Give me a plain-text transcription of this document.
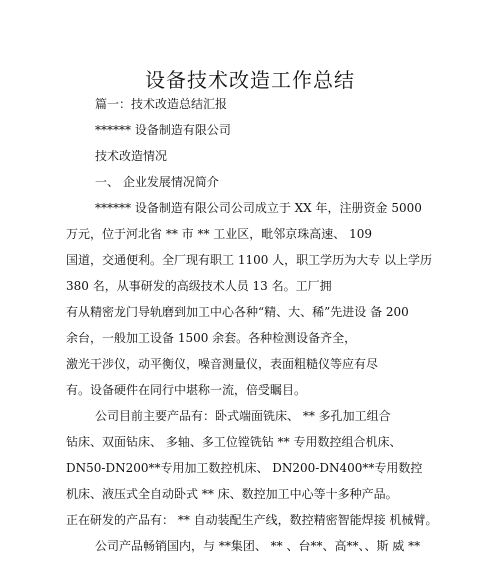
设备技术改造工作总结
篇一：技术改造总结汇报
****** 设备制造有限公司
技术改造情况
一、 企业发展情况简介
****** 设备制造有限公司公司成立于 XX 年，注册资金 5000
万元，位于河北省 ** 市 ** 工业区，毗邻京珠高速、 109
国道，交通便利。全厂现有职工 1100 人，职工学历为大专 以上学历
380 名，从事研发的高级技术人员 13 名。工厂拥
有从精密龙门导轨磨到加工中心各种“精、大、稀”先进设 备 200
余台，一般加工设备 1500 余套。各种检测设备齐全，
激光干涉仪，动平衡仪，噪音测量仪，表面粗糙仪等应有尽
有。设备硬件在同行中堪称一流，倍受瞩目。
公司目前主要产品有：卧式端面铣床、 ** 多孔加工组合
钻床、双面钻床、 多轴、多工位镗铣钻 ** 专用数控组合机床、
DN50-DN200**专用加工数控机床、 DN200-DN400**专用数控
机床、液压式全自动卧式 ** 床、数控加工中心等十多种产品。
正在研发的产品有： ** 自动装配生产线，数控精密智能焊接 机械臂。
公司产品畅销国内，与 **集团、 ** 、台**、高**、、斯 威 **
